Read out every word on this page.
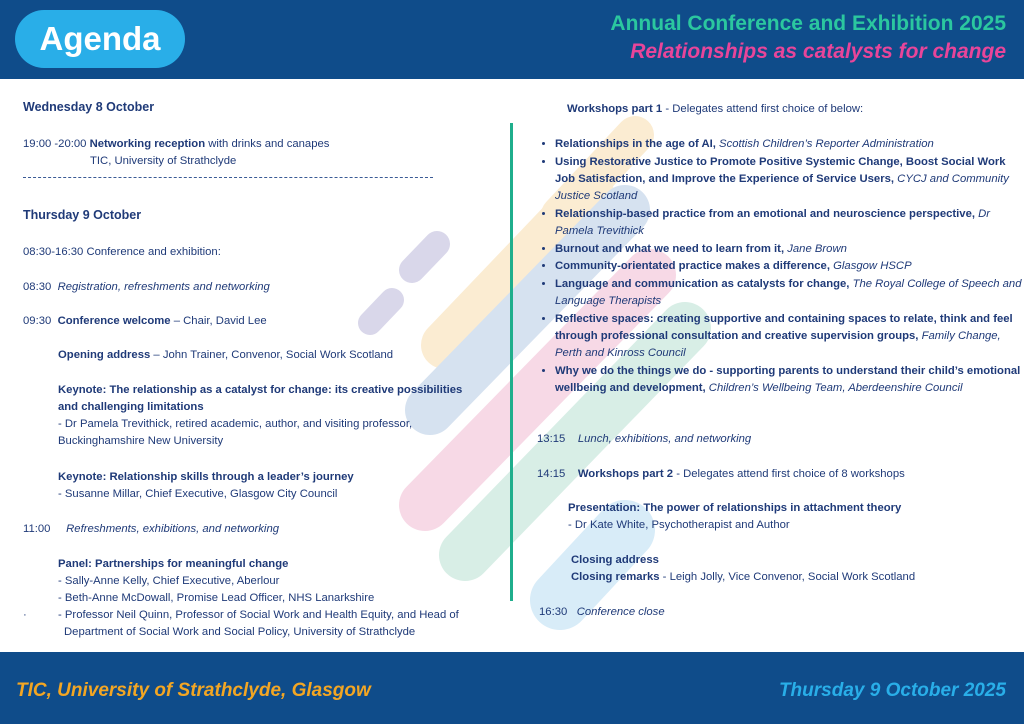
Agenda	Annual Conference and Exhibition 2025
Relationships as catalysts for change
Wednesday 8 October
19:00 -20:00 Networking reception with drinks and canapes
TIC, University of Strathclyde
Thursday 9 October
08:30-16:30 Conference and exhibition:
08:30 Registration, refreshments and networking
09:30 Conference welcome – Chair, David Lee
Opening address – John Trainer, Convenor, Social Work Scotland
Keynote: The relationship as a catalyst for change: its creative possibilities
and challenging limitations
- Dr Pamela Trevithick, retired academic, author, and visiting professor,
Buckinghamshire New University
Keynote: Relationship skills through a leader’s journey
- Susanne Millar, Chief Executive, Glasgow City Council
11:00 Refreshments, exhibitions, and networking
Panel: Partnerships for meaningful change
- Sally-Anne Kelly, Chief Executive, Aberlour
- Beth-Anne McDowall, Promise Lead Officer, NHS Lanarkshire
·	- Professor Neil Quinn, Professor of Social Work and Health Equity, and Head of
Department of Social Work and Social Policy, University of Strathclyde
Workshops part 1 - Delegates attend first choice of below:
• Relationships in the age of AI, Scottish Children’s Reporter Administration
• Using Restorative Justice to Promote Positive Systemic Change, Boost Social Work Job Satisfaction, and Improve the Experience of Service Users, CYCJ and Community Justice Scotland
• Relationship-based practice from an emotional and neuroscience perspective, Dr Pamela Trevithick
• Burnout and what we need to learn from it, Jane Brown
• Community-orientated practice makes a difference, Glasgow HSCP
• Language and communication as catalysts for change, The Royal College of Speech and Language Therapists
• Reflective spaces: creating supportive and containing spaces to relate, think and feel through professional consultation and creative supervision groups, Family Change, Perth and Kinross Council
• Why we do the things we do - supporting parents to understand their child’s emotional wellbeing and development, Children’s Wellbeing Team, Aberdeenshire Council
13:15 Lunch, exhibitions, and networking
14:15 Workshops part 2 - Delegates attend first choice of 8 workshops
Presentation: The power of relationships in attachment theory
- Dr Kate White, Psychotherapist and Author
Closing address
Closing remarks - Leigh Jolly, Vice Convenor, Social Work Scotland
16:30 Conference close
TIC, University of Strathclyde, Glasgow	Thursday 9 October 2025
